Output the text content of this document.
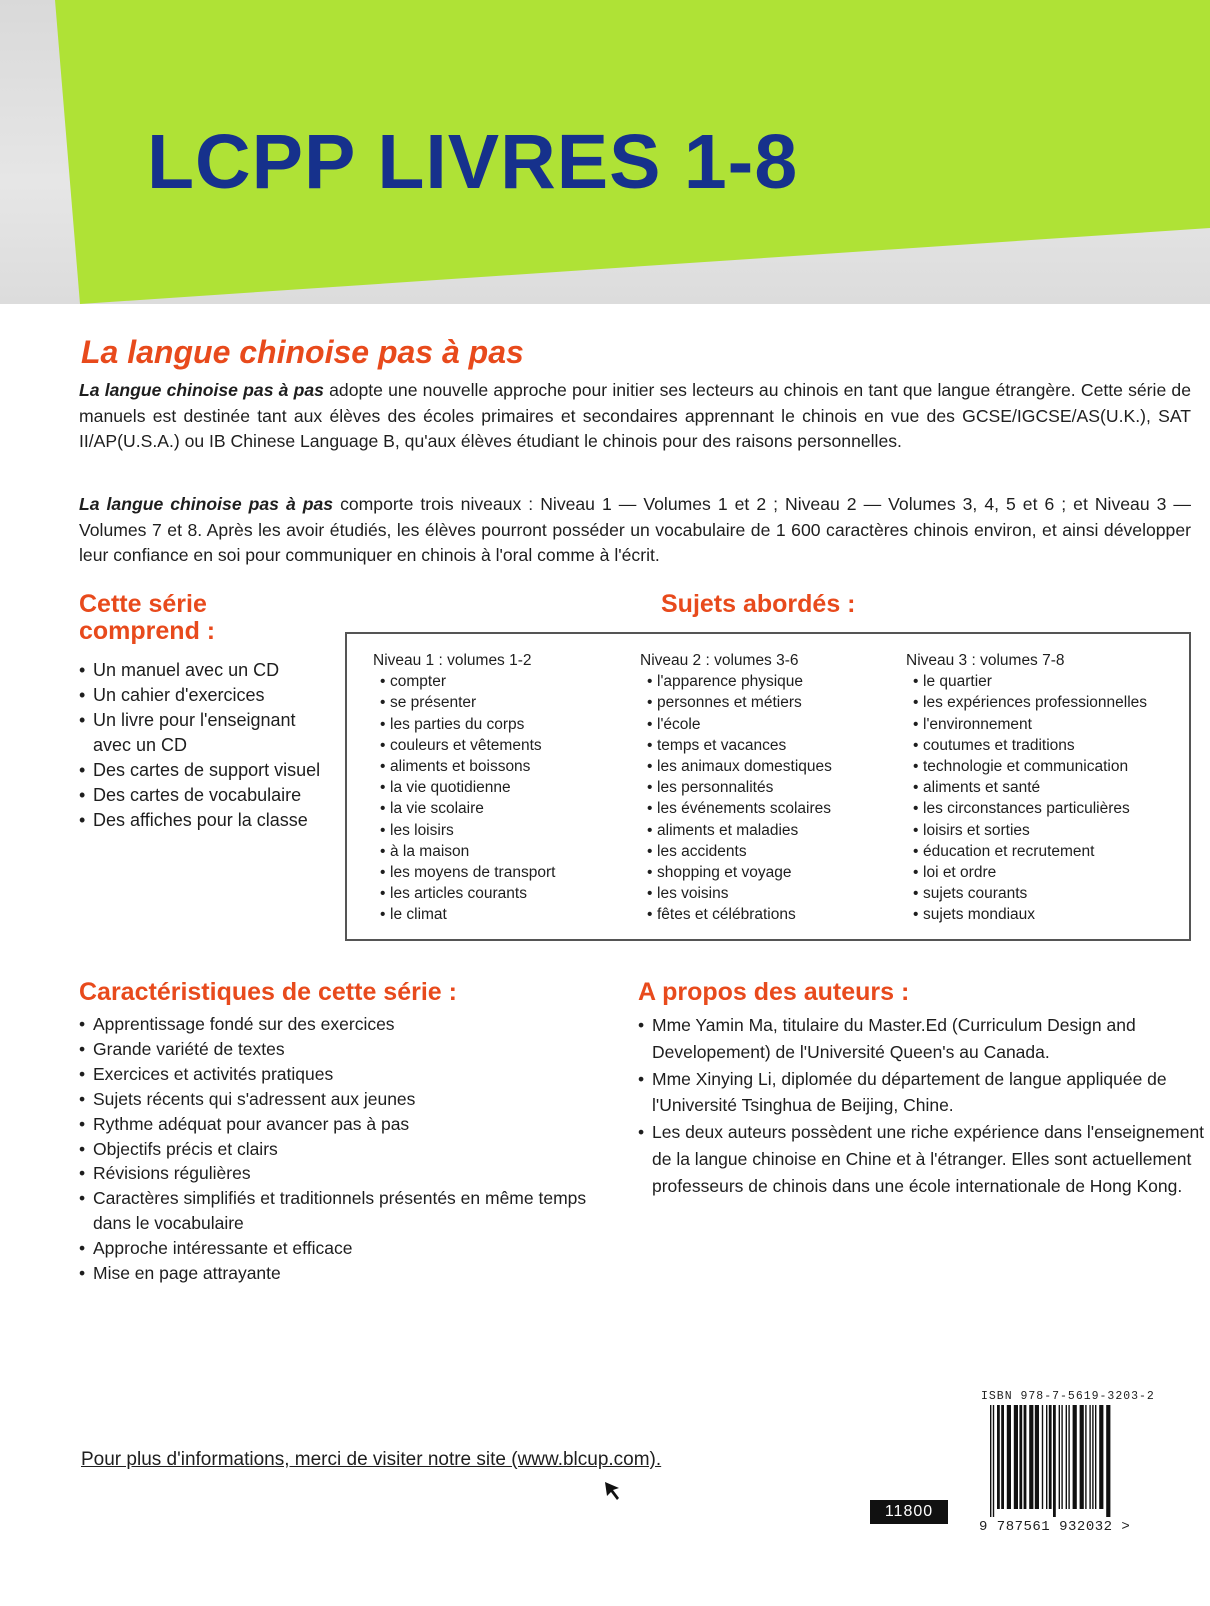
LCPP LIVRES 1-8
La langue chinoise pas à pas

La langue chinoise pas à pas adopte une nouvelle approche pour initier ses lecteurs au chinois en tant que langue étrangère. Cette série de manuels est destinée tant aux élèves des écoles primaires et secondaires apprennant le chinois en vue des GCSE/IGCSE/AS(U.K.), SAT II/AP(U.S.A.) ou IB Chinese Language B, qu'aux élèves étudiant le chinois pour des raisons personnelles.

La langue chinoise pas à pas comporte trois niveaux : Niveau 1 — Volumes 1 et 2 ; Niveau 2 — Volumes 3, 4, 5 et 6 ; et Niveau 3 — Volumes 7 et 8. Après les avoir étudiés, les élèves pourront posséder un vocabulaire de 1 600 caractères chinois environ, et ainsi développer leur confiance en soi pour communiquer en chinois à l'oral comme à l'écrit.

Cette série
comprend :
• Un manuel avec un CD
• Un cahier d'exercices
• Un livre pour l'enseignant
avec un CD
• Des cartes de support visuel
• Des cartes de vocabulaire
• Des affiches pour la classe
Sujets abordés :

Niveau 1 : volumes 1-2

• compter
• se présenter
• les parties du corps
• couleurs et vêtements
• aliments et boissons
• la vie quotidienne
• la vie scolaire
• les loisirs
• à la maison
• les moyens de transport
• les articles courants
• le climat

Niveau 2 : volumes 3-6

• l'apparence physique
• personnes et métiers
• l'école
• temps et vacances
• les animaux domestiques
• les personnalités
• les événements scolaires
• aliments et maladies
• les accidents
• shopping et voyage
• les voisins
• fêtes et célébrations

Niveau 3 : volumes 7-8

• le quartier
• les expériences professionnelles
• l'environnement
• coutumes et traditions
• technologie et communication
• aliments et santé
• les circonstances particulières
• loisirs et sorties
• éducation et recrutement
• loi et ordre
• sujets courants
• sujets mondiaux
Caractéristiques de cette série :
• Apprentissage fondé sur des exercices
• Grande variété de textes
• Exercices et activités pratiques
• Sujets récents qui s'adressent aux jeunes
• Rythme adéquat pour avancer pas à pas
• Objectifs précis et clairs
• Révisions régulières
• Caractères simplifiés et traditionnels présentés en même temps dans le vocabulaire
• Approche intéressante et efficace
• Mise en page attrayante
A propos des auteurs :
• Mme Yamin Ma, titulaire du Master.Ed (Curriculum Design and Developement) de l'Université Queen's au Canada.
• Mme Xinying Li, diplomée du département de langue appliquée de l'Université Tsinghua de Beijing, Chine.
• Les deux auteurs possèdent une riche expérience dans l'enseignement de la langue chinoise en Chine et à l'étranger. Elles sont actuellement professeurs de chinois dans une école internationale de Hong Kong.

Pour plus d'informations, merci de visiter notre site (www.blcup.com).

11800
ISBN 978-7-5619-3203-2
9 787561 932032 >
